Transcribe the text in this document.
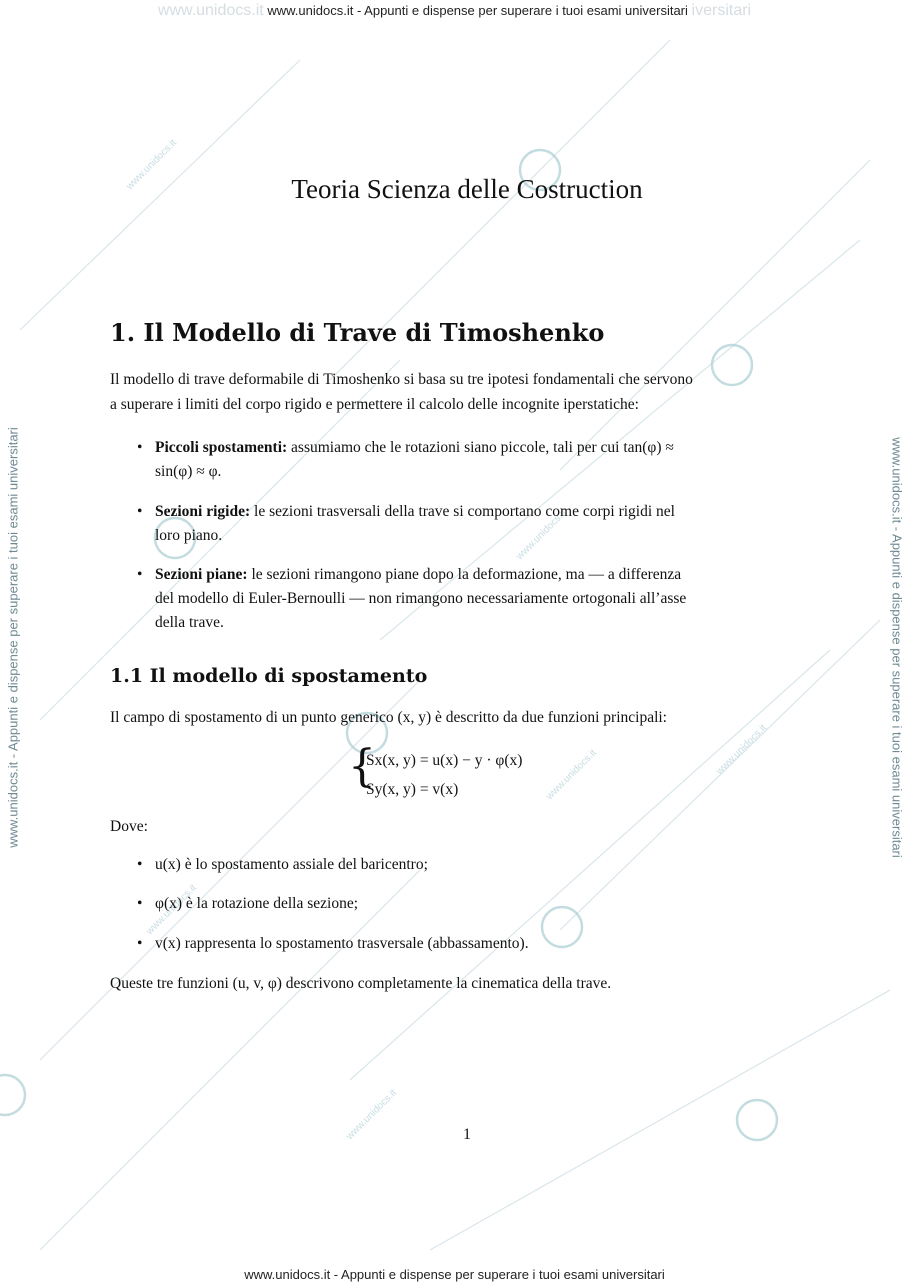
www.unidocs.it
www.unidocs.it
www.unidocs.it
www.unidocs.it
www.unidocs.it
www.unidocs.it
www.unidocs.it www.unidocs.it - Appunti e dispense per superare i tuoi esami universitari iversitari
www.unidocs.it - Appunti e dispense per superare i tuoi esami universitari
www.unidocs.it - Appunti e dispense per superare i tuoi esami universitari	www.unidocs.it - Appunti e dispense per superare i tuoi esami universitari
Teoria Scienza delle Costruction
1. Il Modello di Trave di Timoshenko

Il modello di trave deformabile di Timoshenko si basa su tre ipotesi fondamentali che servono
a superare i limiti del corpo rigido e permettere il calcolo delle incognite iperstatiche:

• Piccoli spostamenti: assumiamo che le rotazioni siano piccole, tali per cui tan(φ) ≈
sin(φ) ≈ φ.
• Sezioni rigide: le sezioni trasversali della trave si comportano come corpi rigidi nel
loro piano.
• Sezioni piane: le sezioni rimangono piane dopo la deformazione, ma — a differenza
del modello di Euler-Bernoulli — non rimangono necessariamente ortogonali all’asse
della trave.
1.1 Il modello di spostamento

Il campo di spostamento di un punto generico (x, y) è descritto da due funzioni principali:

{
Sx(x, y) = u(x) − y · φ(x)
Sy(x, y) = v(x)

Dove:

• u(x) è lo spostamento assiale del baricentro;
• φ(x) è la rotazione della sezione;
• v(x) rappresenta lo spostamento trasversale (abbassamento).

Queste tre funzioni (u, v, φ) descrivono completamente la cinematica della trave.

1
